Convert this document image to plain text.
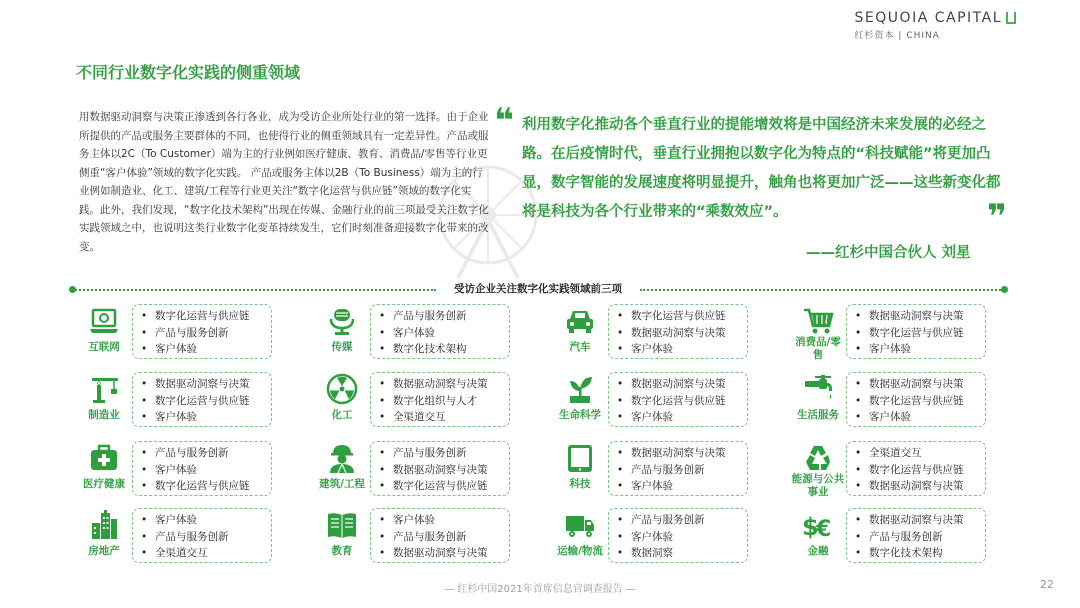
SEQUOIA CAPITAL
红杉资本 | CHINA
不同行业数字化实践的侧重领域
用数据驱动洞察与决策正渗透到各行各业，成为受访企业所处行业的第一选择。由于企业所提供的产品或服务主要群体的不同，也使得行业的侧重领域具有一定差异性。产品或服务主体以2C（To Customer）端为主的行业例如医疗健康、教育、消费品/零售等行业更侧重“客户体验”领域的数字化实践。 产品或服务主体以2B（To Business）端为主的行业例如制造业、化工、建筑/工程等行业更关注“数字化运营与供应链”领域的数字化实践。此外，我们发现，“数字化技术架构”出现在传媒、金融行业的前三项最受关注数字化实践领域之中，也说明这类行业数字化变革持续发生，它们时刻准备迎接数字化带来的改变。
❝ 利用数字化推动各个垂直行业的提能增效将是中国经济未来发展的必经之路。在后疫情时代，垂直行业拥抱以数字化为特点的“科技赋能”将更加凸显，数字智能的发展速度将明显提升，触角也将更加广泛——这些新变化都将是科技为各个行业带来的“乘数效应”。	❞
——红杉中国合伙人 刘星
受访企业关注数字化实践领域前三项
互联网
• 数字化运营与供应链
• 产品与服务创新
• 客户体验	传媒
• 产品与服务创新
• 客户体验
• 数字化技术架构	汽车
• 数字化运营与供应链
• 数据驱动洞察与决策
• 客户体验
消费品/零售
• 数据驱动洞察与决策
• 数字化运营与供应链
• 客户体验
制造业
• 数据驱动洞察与决策
• 数字化运营与供应链
• 客户体验	化工
• 数据驱动洞察与决策
• 数字化组织与人才
• 全渠道交互	生命科学
• 数据驱动洞察与决策
• 数字化运营与供应链
• 客户体验	生活服务
• 数据驱动洞察与决策
• 数字化运营与供应链
• 客户体验
医疗健康
• 产品与服务创新
• 客户体验
• 数字化运营与供应链	建筑/工程
• 产品与服务创新
• 数据驱动洞察与决策
• 数字化运营与供应链	科技
• 数据驱动洞察与决策
• 产品与服务创新
• 客户体验
能源与公共事业
• 全渠道交互
• 数字化运营与供应链
• 数据驱动洞察与决策
房地产
• 客户体验
• 产品与服务创新
• 全渠道交互	教育
• 客户体验
• 产品与服务创新
• 数据驱动洞察与决策	运输/物流
• 产品与服务创新
• 客户体验
• 数据洞察
$
€
金融
• 数据驱动洞察与决策
• 产品与服务创新
• 数字化技术架构
— 红杉中国2021年首席信息官调查报告 —	22
